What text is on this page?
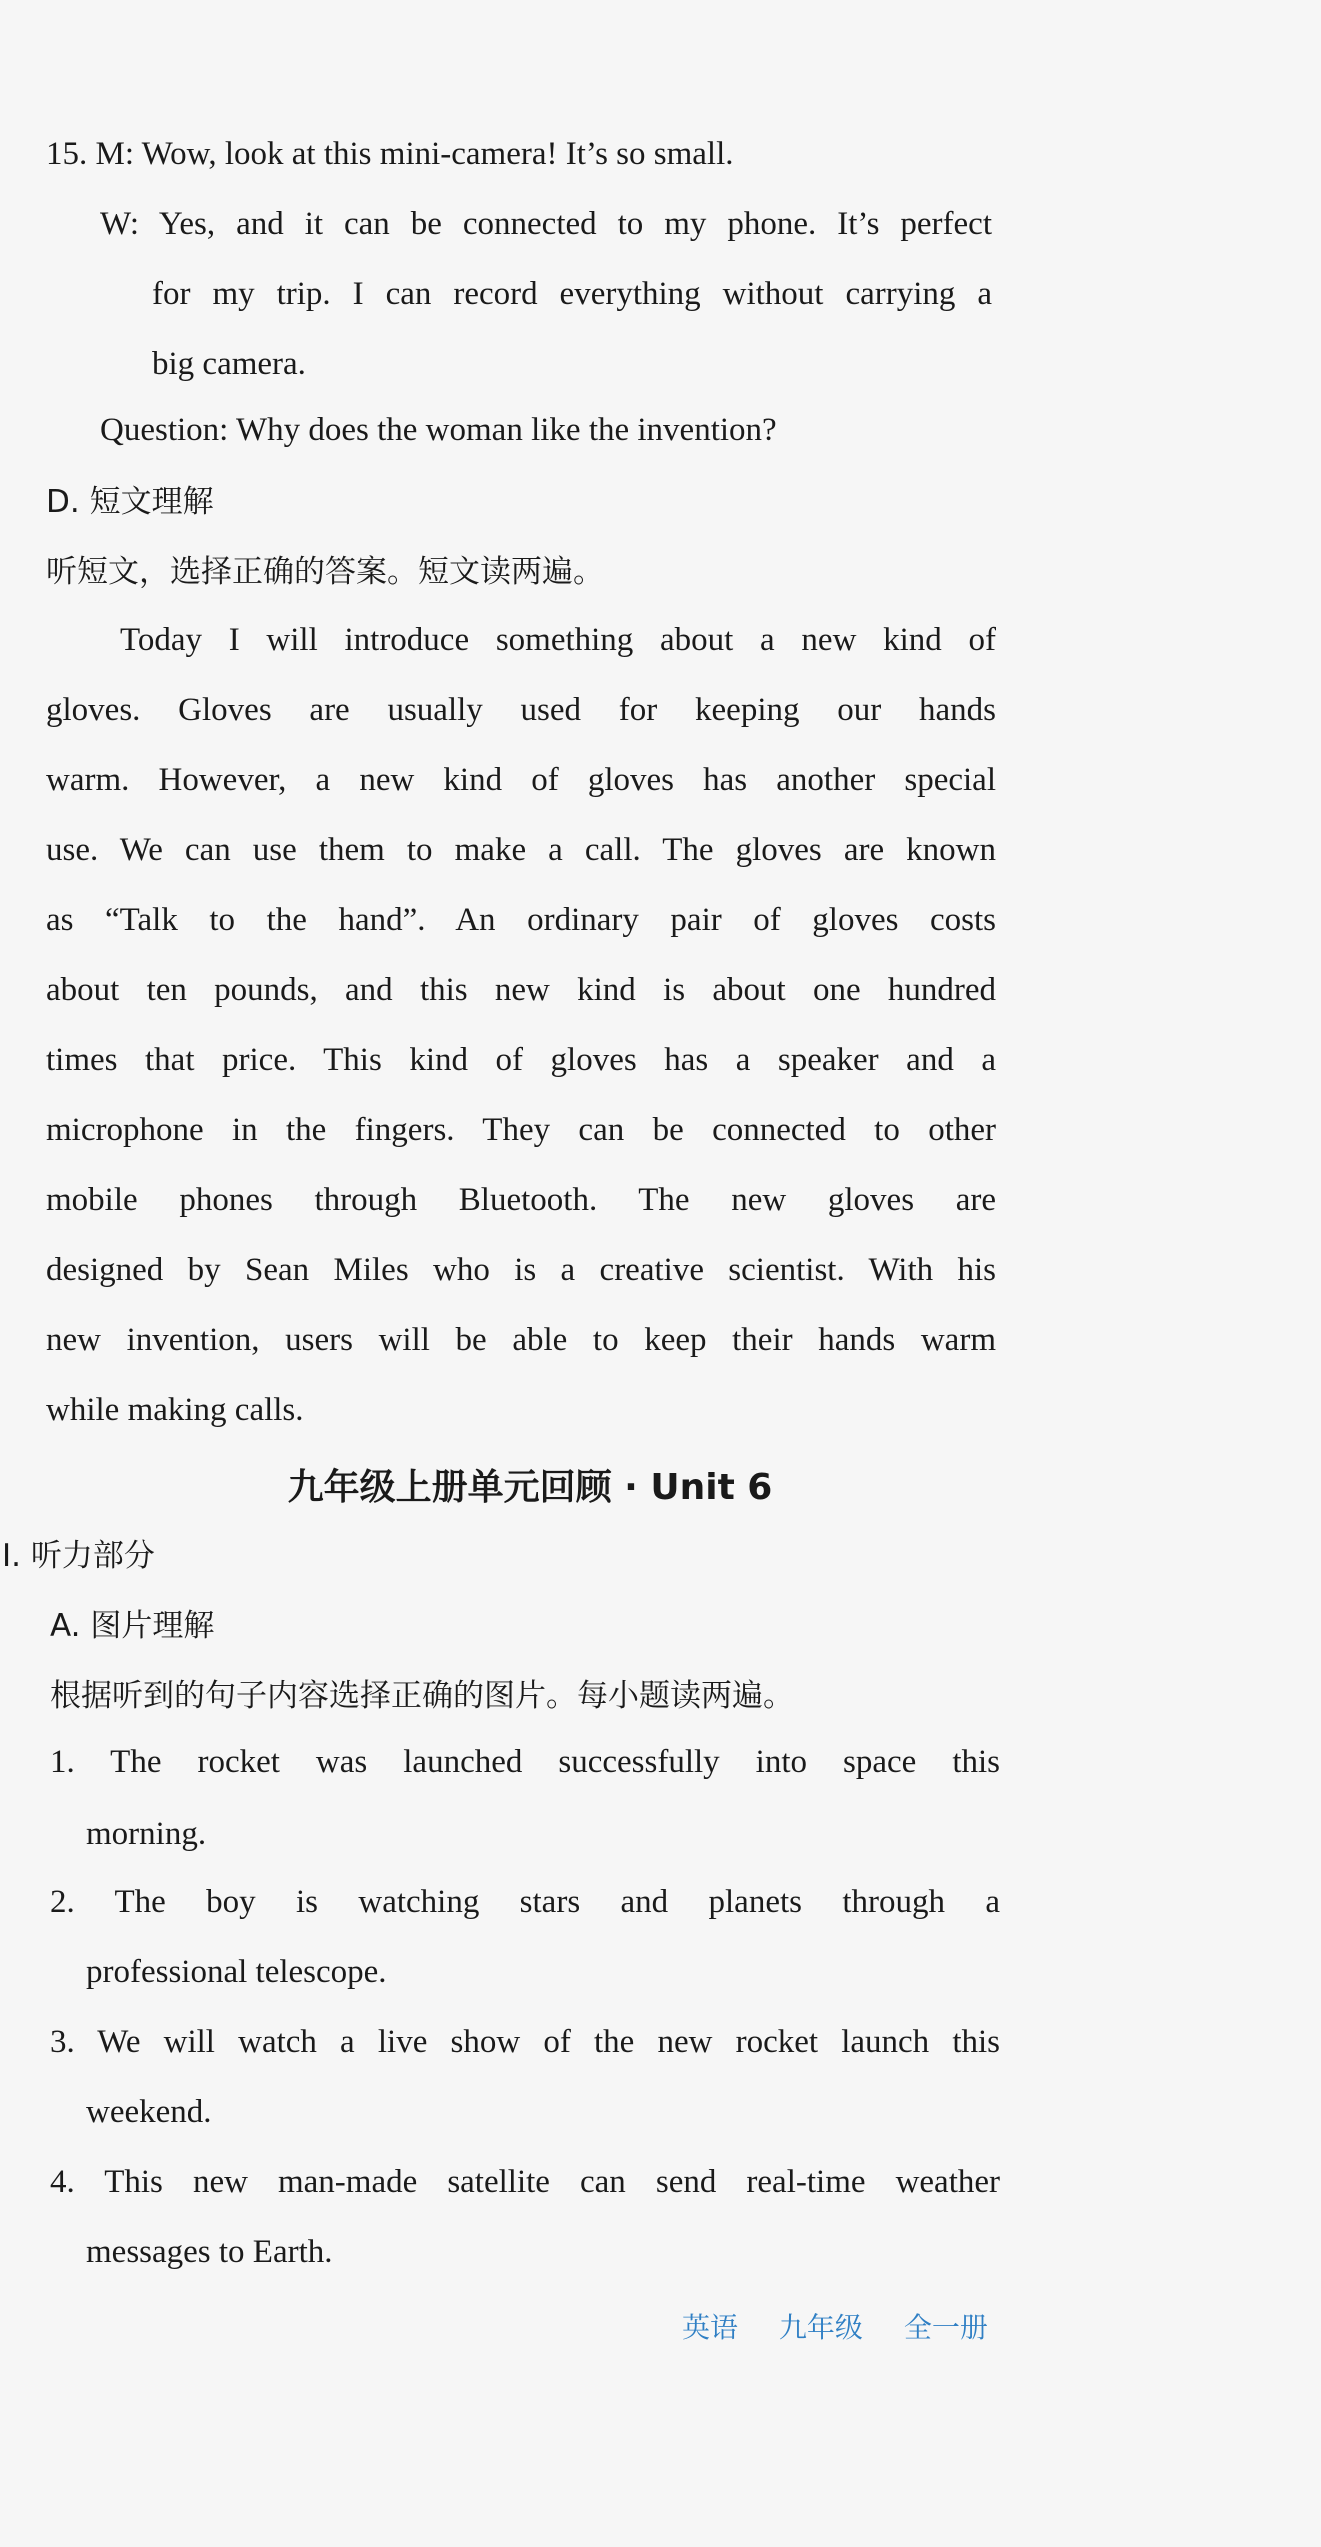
15. M: Wow, look at this mini-camera! It’s so small.
W: Yes, and it can be connected to my phone. It’s perfect
for my trip. I can record everything without carrying a
big camera.
Question: Why does the woman like the invention?
D. 短文理解
听短文，选择正确的答案。短文读两遍。
Today I will introduce something about a new kind of
gloves. Gloves are usually used for keeping our hands
warm. However, a new kind of gloves has another special
use. We can use them to make a call. The gloves are known
as “Talk to the hand”. An ordinary pair of gloves costs
about ten pounds, and this new kind is about one hundred
times that price. This kind of gloves has a speaker and a
microphone in the fingers. They can be connected to other
mobile phones through Bluetooth. The new gloves are
designed by Sean Miles who is a creative scientist. With his
new invention, users will be able to keep their hands warm
while making calls.
九年级上册单元回顾 · Unit 6
Ⅰ. 听力部分
A. 图片理解
根据听到的句子内容选择正确的图片。每小题读两遍。
1. The rocket was launched successfully into space this
morning.
2. The boy is watching stars and planets through a
professional telescope.
3. We will watch a live show of the new rocket launch this
weekend.
4. This new man-made satellite can send real-time weather
messages to Earth.
英语 九年级 全一册
